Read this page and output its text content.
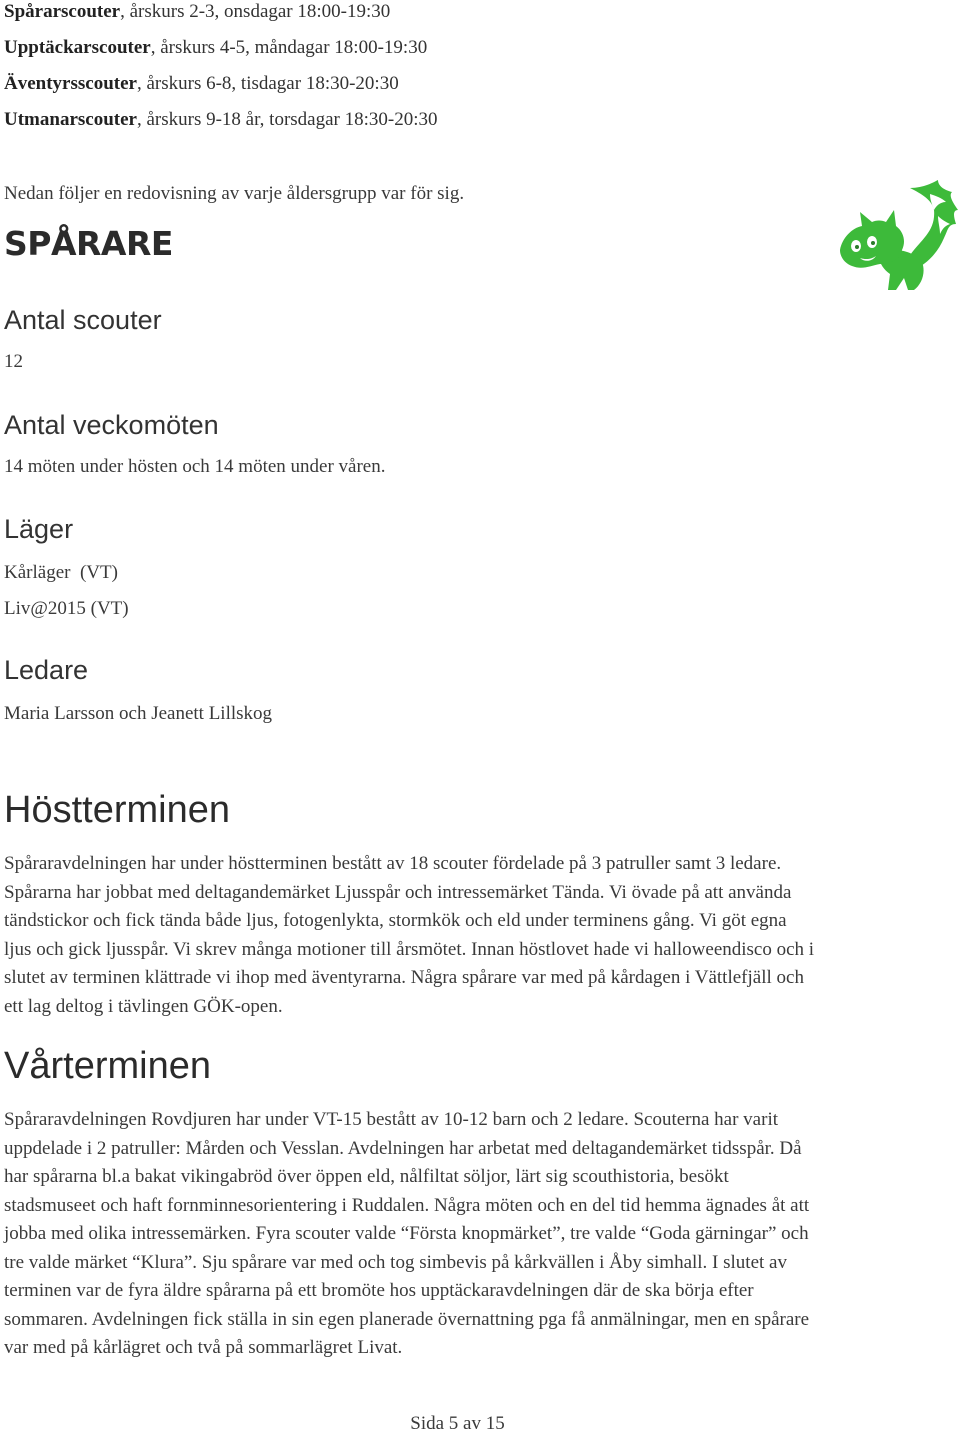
Spårarscouter, årskurs 2-3, onsdagar 18:00-19:30
Upptäckarscouter, årskurs 4-5, måndagar 18:00-19:30
Äventyrsscouter, årskurs 6-8, tisdagar 18:30-20:30
Utmanarscouter, årskurs 9-18 år, torsdagar 18:30-20:30
Nedan följer en redovisning av varje åldersgrupp var för sig.
SPÅRARE
Antal scouter
12
Antal veckomöten
14 möten under hösten och 14 möten under våren.
Läger
Kårläger  (VT)
Liv@2015 (VT)
Ledare
Maria Larsson och Jeanett Lillskog
Höstterminen
Spåraravdelningen har under höstterminen bestått av 18 scouter fördelade på 3 patruller samt 3 ledare.
Spårarna har jobbat med deltagandemärket Ljusspår och intressemärket Tända. Vi övade på att använda
tändstickor och fick tända både ljus, fotogenlykta, stormkök och eld under terminens gång. Vi göt egna
ljus och gick ljusspår. Vi skrev många motioner till årsmötet. Innan höstlovet hade vi halloweendisco och i
slutet av terminen klättrade vi ihop med äventyrarna. Några spårare var med på kårdagen i Vättlefjäll och
ett lag deltog i tävlingen GÖK-open.
Vårterminen
Spåraravdelningen Rovdjuren har under VT-15 bestått av 10-12 barn och 2 ledare. Scouterna har varit
uppdelade i 2 patruller: Mården och Vesslan. Avdelningen har arbetat med deltagandemärket tidsspår. Då
har spårarna bl.a bakat vikingabröd över öppen eld, nålfiltat söljor, lärt sig scouthistoria, besökt
stadsmuseet och haft fornminnesorientering i Ruddalen. Några möten och en del tid hemma ägnades åt att
jobba med olika intressemärken. Fyra scouter valde “Första knopmärket”, tre valde “Goda gärningar” och
tre valde märket “Klura”. Sju spårare var med och tog simbevis på kårkvällen i Åby simhall. I slutet av
terminen var de fyra äldre spårarna på ett bromöte hos upptäckaravdelningen där de ska börja efter
sommaren. Avdelningen fick ställa in sin egen planerade övernattning pga få anmälningar, men en spårare
var med på kårlägret och två på sommarlägret Livat.
Sida 5 av 15
